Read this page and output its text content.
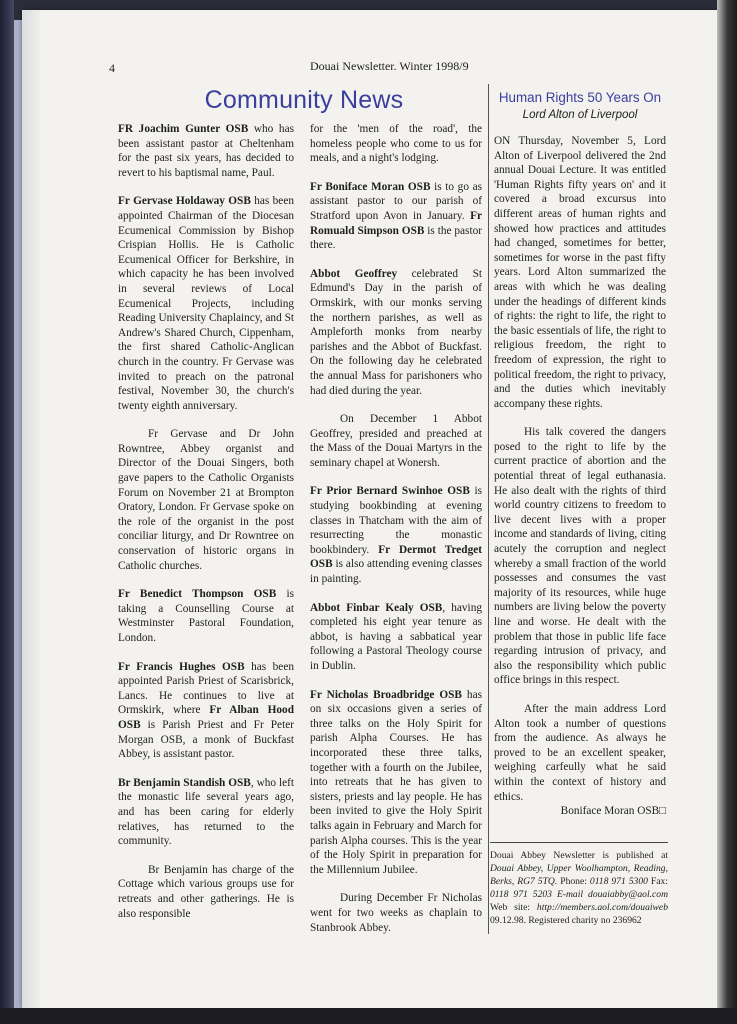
4	Douai Newsletter. Winter 1998/9
Community News

FR Joachim Gunter OSB who has been assistant pastor at Cheltenham for the past six years, has decided to revert to his baptismal name, Paul.

Fr Gervase Holdaway OSB has been appointed Chairman of the Diocesan Ecumenical Commission by Bishop Crispian Hollis. He is Catholic Ecumenical Officer for Berkshire, in which capacity he has been involved in several reviews of Local Ecumenical Projects, including Reading University Chaplaincy, and St Andrew's Shared Church, Cippenham, the first shared Catholic-Anglican church in the country. Fr Gervase was invited to preach on the patronal festival, November 30, the church's twenty eighth anniversary.

Fr Gervase and Dr John Rowntree, Abbey organist and Director of the Douai Singers, both gave papers to the Catholic Organists Forum on November 21 at Brompton Oratory, London. Fr Gervase spoke on the role of the organist in the post conciliar liturgy, and Dr Rowntree on conservation of historic organs in Catholic churches.

Fr Benedict Thompson OSB is taking a Counselling Course at Westminster Pastoral Foundation, London.

Fr Francis Hughes OSB has been appointed Parish Priest of Scarisbrick, Lancs. He continues to live at Ormskirk, where Fr Alban Hood OSB is Parish Priest and Fr Peter Morgan OSB, a monk of Buckfast Abbey, is assistant pastor.

Br Benjamin Standish OSB, who left the monastic life several years ago, and has been caring for elderly relatives, has returned to the community.

Br Benjamin has charge of the Cottage which various groups use for retreats and other gatherings. He is also responsible

for the 'men of the road', the homeless people who come to us for meals, and a night's lodging.

Fr Boniface Moran OSB is to go as assistant pastor to our parish of Stratford upon Avon in January. Fr Romuald Simpson OSB is the pastor there.

Abbot Geoffrey celebrated St Edmund's Day in the parish of Ormskirk, with our monks serving the northern parishes, as well as Ampleforth monks from nearby parishes and the Abbot of Buckfast. On the following day he celebrated the annual Mass for parishoners who had died during the year.

On December 1 Abbot Geoffrey, presided and preached at the Mass of the Douai Martyrs in the seminary chapel at Wonersh.

Fr Prior Bernard Swinhoe OSB is studying bookbinding at evening classes in Thatcham with the aim of resurrecting the monastic bookbindery. Fr Dermot Tredget OSB is also attending evening classes in painting.

Abbot Finbar Kealy OSB, having completed his eight year tenure as abbot, is having a sabbatical year following a Pastoral Theology course in Dublin.

Fr Nicholas Broadbridge OSB has on six occasions given a series of three talks on the Holy Spirit for parish Alpha Courses. He has incorporated these three talks, together with a fourth on the Jubilee, into retreats that he has given to sisters, priests and lay people. He has been invited to give the Holy Spirit talks again in February and March for parish Alpha courses. This is the year of the Holy Spirit in preparation for the Millennium Jubilee.

During December Fr Nicholas went for two weeks as chaplain to Stanbrook Abbey.

Human Rights 50 Years On
Lord Alton of Liverpool

ON Thursday, November 5, Lord Alton of Liverpool delivered the 2nd annual Douai Lecture. It was entitled 'Human Rights fifty years on' and it covered a broad excursus into different areas of human rights and showed how practices and attitudes had changed, sometimes for better, sometimes for worse in the past fifty years. Lord Alton summarized the areas with which he was dealing under the headings of different kinds of rights: the right to life, the right to the basic essentials of life, the right to religious freedom, the right to freedom of expression, the right to political freedom, the right to privacy, and the duties which inevitably accompany these rights.

His talk covered the dangers posed to the right to life by the current practice of abortion and the potential threat of legal euthanasia. He also dealt with the rights of third world country citizens to freedom to live decent lives with a proper income and standards of living, citing acutely the corruption and neglect whereby a small fraction of the world possesses and consumes the vast majority of its resources, while huge numbers are living below the poverty line and worse. He dealt with the problem that those in public life face regarding intrusion of privacy, and also the responsibility which public office brings in this respect.

After the main address Lord Alton took a number of questions from the audience. As always he proved to be an excellent speaker, weighing carfeully what he said within the context of history and ethics.

Boniface Moran OSB□

Douai Abbey Newsletter is published at Douai Abbey, Upper Woolhampton, Reading, Berks, RG7 5TQ. Phone: 0118 971 5300 Fax: 0118 971 5203 E-mail douaiabby@aol.com Web site: http://members.aol.com/douaiweb 09.12.98. Registered charity no 236962
